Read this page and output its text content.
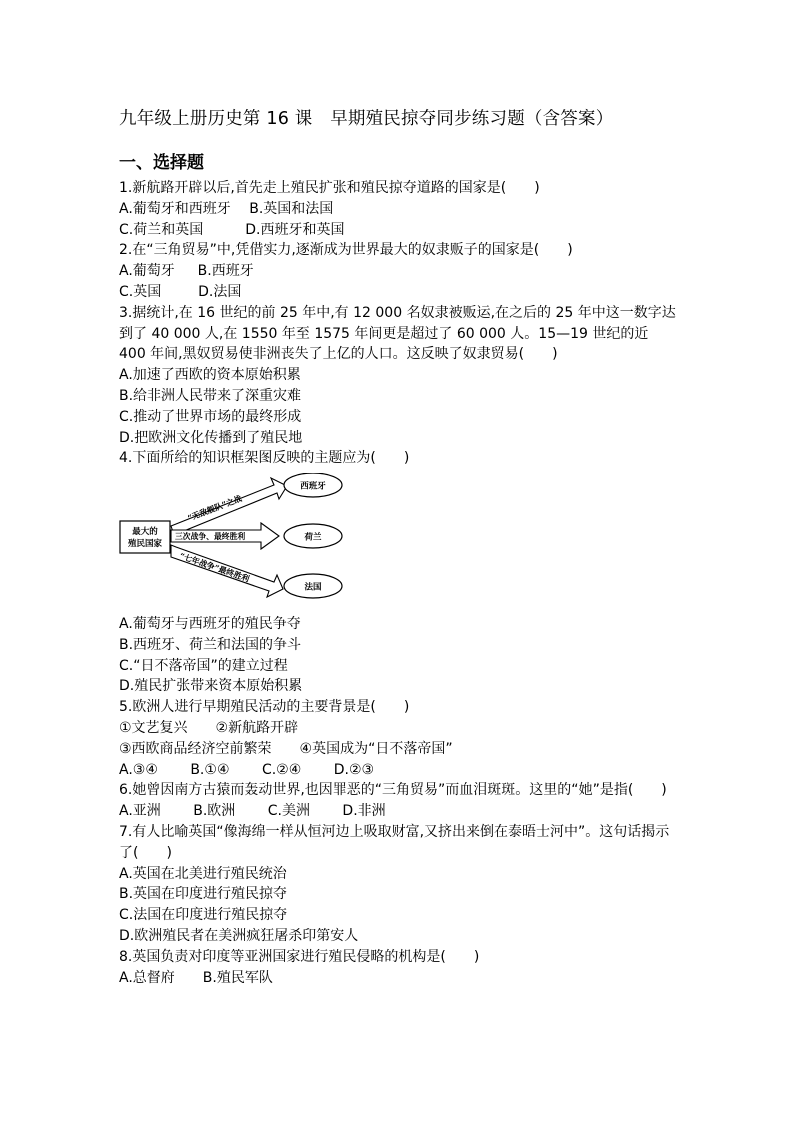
九年级上册历史第 16 课　早期殖民掠夺同步练习题（含答案）
一、选择题
1.新航路开辟以后,首先走上殖民扩张和殖民掠夺道路的国家是(　　)
A.葡萄牙和西班牙　 B.英国和法国
C.荷兰和英国　　　D.西班牙和英国
2.在“三角贸易”中,凭借实力,逐渐成为世界最大的奴隶贩子的国家是(　　)
A.葡萄牙　  B.西班牙
C.英国　　  D.法国
3.据统计,在 16 世纪的前 25 年中,有 12 000 名奴隶被贩运,在之后的 25 年中这一数字达到了 40 000 人,在 1550 年至 1575 年间更是超过了 60 000 人。15—19 世纪的近 400 年间,黑奴贸易使非洲丧失了上亿的人口。这反映了奴隶贸易(　　)
A.加速了西欧的资本原始积累
B.给非洲人民带来了深重灾难
C.推动了世界市场的最终形成
D.把欧洲文化传播到了殖民地
4.下面所给的知识框架图反映的主题应为(　　)
最大的
殖民国家
“无敌舰队”之战
三次战争、最终胜利
“七年战争”最终胜利
西班牙
荷兰
法国
A.葡萄牙与西班牙的殖民争夺
B.西班牙、荷兰和法国的争斗
C.“日不落帝国”的建立过程
D.殖民扩张带来资本原始积累
5.欧洲人进行早期殖民活动的主要背景是(　　)
①文艺复兴　　②新航路开辟
③西欧商品经济空前繁荣　　④英国成为“日不落帝国”
A.③④　　 B.①④　　 C.②④　　 D.②③
6.她曾因南方古猿而轰动世界,也因罪恶的“三角贸易”而血泪斑斑。这里的“她”是指(　　)
A.亚洲　　 B.欧洲　　 C.美洲　　 D.非洲
7.有人比喻英国“像海绵一样从恒河边上吸取财富,又挤出来倒在泰晤士河中”。这句话揭示了(　　)
A.英国在北美进行殖民统治
B.英国在印度进行殖民掠夺
C.法国在印度进行殖民掠夺
D.欧洲殖民者在美洲疯狂屠杀印第安人
8.英国负责对印度等亚洲国家进行殖民侵略的机构是(　　)
A.总督府　　B.殖民军队
